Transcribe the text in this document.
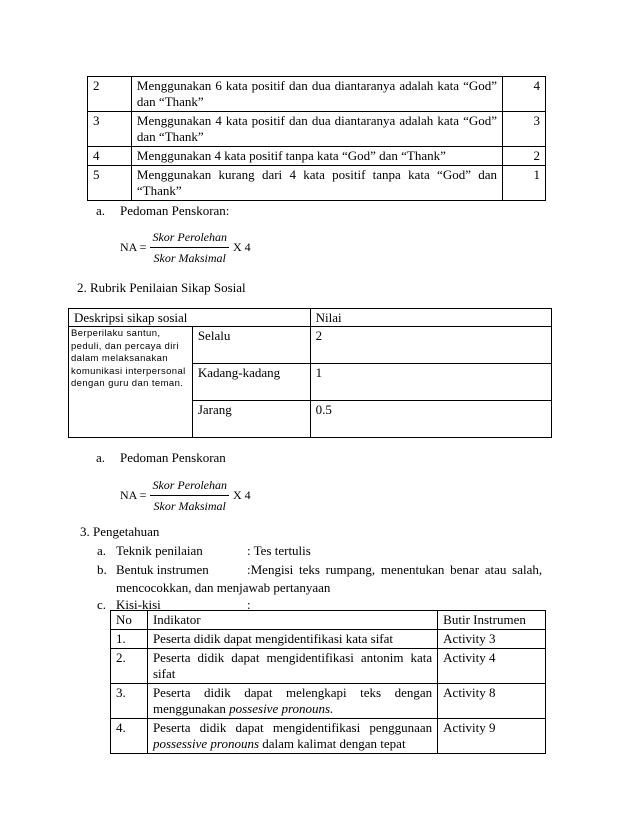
2	Menggunakan 6 kata positif dan dua diantaranya adalah kata “God” dan “Thank”	4
3	Menggunakan 4 kata positif dan dua diantaranya adalah kata “God” dan “Thank”	3
4	Menggunakan 4 kata positif tanpa kata “God” dan “Thank”	2
5	Menggunakan kurang dari 4 kata positif tanpa kata “God” dan “Thank”	1
a. Pedoman Penskoran:
NA = $\frac{\text{Skor Perolehan}}{\text{Skor Maksimal}}$ X 4
2. Rubrik Penilaian Sikap Sosial
Deskripsi sikap sosial		Nilai
Berperilaku santun, peduli, dan percaya diri dalam melaksanakan komunikasi interpersonal dengan guru dan teman.	Selalu	2
	Kadang-kadang	1
	Jarang	0.5
a. Pedoman Penskoran
NA = $\frac{\text{Skor Perolehan}}{\text{Skor Maksimal}}$ X 4
3. Pengetahuan
a. Teknik penilaian	: Tes tertulis
b. Bentuk instrumen	:Mengisi teks rumpang, menentukan benar atau salah,
mencocokkan, dan menjawab pertanyaan
c. Kisi-kisi	:
No	Indikator	Butir Instrumen
1.	Peserta didik dapat mengidentifikasi kata sifat	Activity 3
2.	Peserta didik dapat mengidentifikasi antonim kata sifat	Activity 4
3.	Peserta didik dapat melengkapi teks dengan menggunakan possesive pronouns.	Activity 8
4.	Peserta didik dapat mengidentifikasi penggunaan possessive pronouns dalam kalimat dengan tepat	Activity 9
